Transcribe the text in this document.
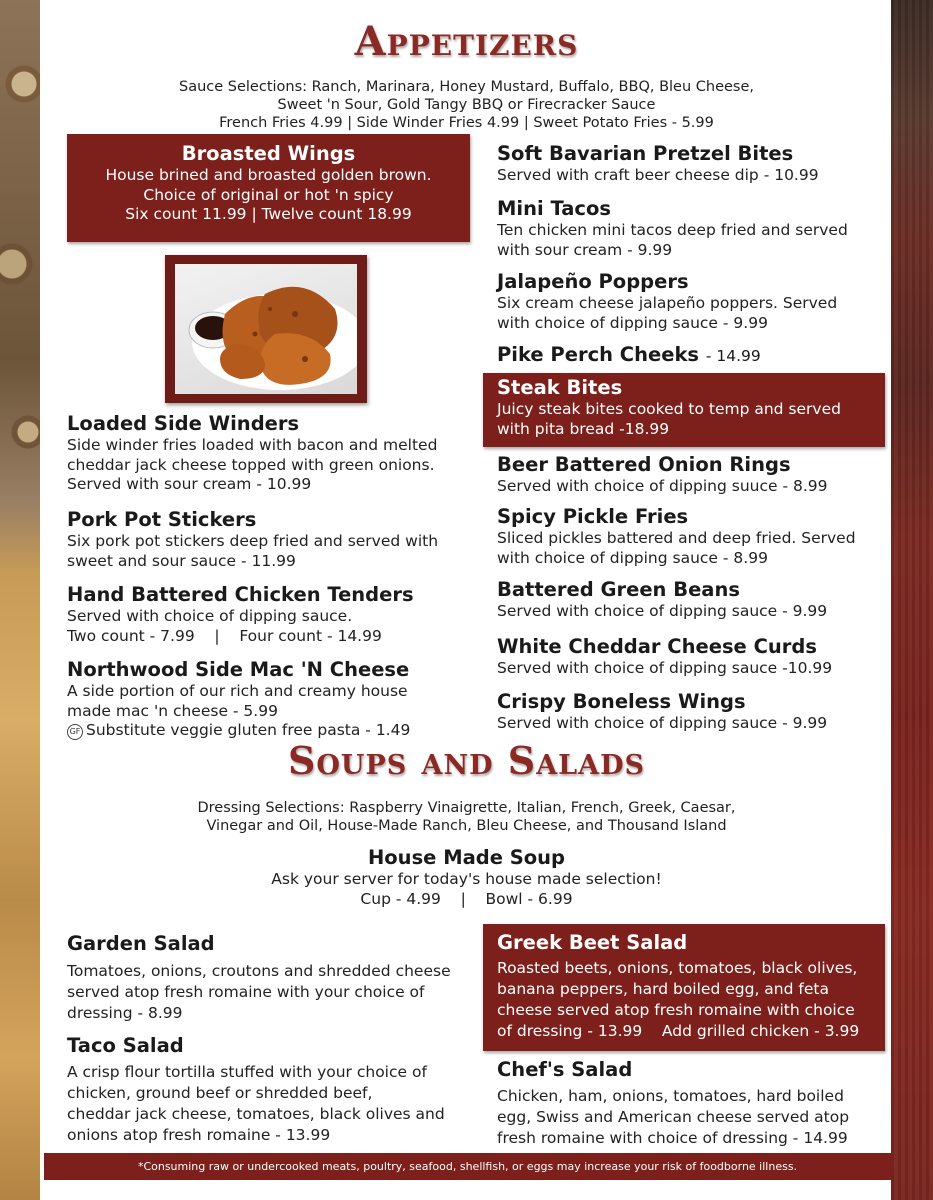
Appetizers
Sauce Selections: Ranch, Marinara, Honey Mustard, Buffalo, BBQ, Bleu Cheese,
Sweet 'n Sour, Gold Tangy BBQ or Firecracker Sauce
French Fries 4.99 | Side Winder Fries 4.99 | Sweet Potato Fries - 5.99
Broasted Wings

House brined and broasted golden brown.

Choice of original or hot 'n spicy

Six count 11.99 | Twelve count 18.99

Loaded Side Winders

Side winder fries loaded with bacon and melted

cheddar jack cheese topped with green onions.

Served with sour cream - 10.99

Pork Pot Stickers

Six pork pot stickers deep fried and served with

sweet and sour sauce - 11.99

Hand Battered Chicken Tenders

Served with choice of dipping sauce.

Two count - 7.99    |    Four count - 14.99

Northwood Side Mac 'N Cheese

A side portion of our rich and creamy house

made mac 'n cheese - 5.99

GF Substitute veggie gluten free pasta - 1.49

Soft Bavarian Pretzel Bites

Served with craft beer cheese dip - 10.99

Mini Tacos

Ten chicken mini tacos deep fried and served

with sour cream - 9.99

Jalapeño Poppers

Six cream cheese jalapeño poppers. Served

with choice of dipping sauce - 9.99

Pike Perch Cheeks - 14.99
Steak Bites

Juicy steak bites cooked to temp and served

with pita bread -18.99

Beer Battered Onion Rings

Served with choice of dipping suuce - 8.99

Spicy Pickle Fries

Sliced pickles battered and deep fried. Served

with choice of dipping sauce - 8.99

Battered Green Beans

Served with choice of dipping sauce - 9.99

White Cheddar Cheese Curds

Served with choice of dipping sauce -10.99

Crispy Boneless Wings

Served with choice of dipping sauce - 9.99

Soups and Salads
Dressing Selections: Raspberry Vinaigrette, Italian, French, Greek, Caesar,
Vinegar and Oil, House-Made Ranch, Bleu Cheese, and Thousand Island
House Made Soup

Ask your server for today's house made selection!

Cup - 4.99    |    Bowl - 6.99

Garden Salad

Tomatoes, onions, croutons and shredded cheese

served atop fresh romaine with your choice of

dressing - 8.99

Taco Salad

A crisp flour tortilla stuffed with your choice of

chicken, ground beef or shredded beef,

cheddar jack cheese, tomatoes, black olives and

onions atop fresh romaine - 13.99

Greek Beet Salad

Roasted beets, onions, tomatoes, black olives,

banana peppers, hard boiled egg, and feta

cheese served atop fresh romaine with choice

of dressing - 13.99    Add grilled chicken - 3.99

Chef's Salad

Chicken, ham, onions, tomatoes, hard boiled

egg, Swiss and American cheese served atop

fresh romaine with choice of dressing - 14.99

*Consuming raw or undercooked meats, poultry, seafood, shellfish, or eggs may increase your risk of foodborne illness.
